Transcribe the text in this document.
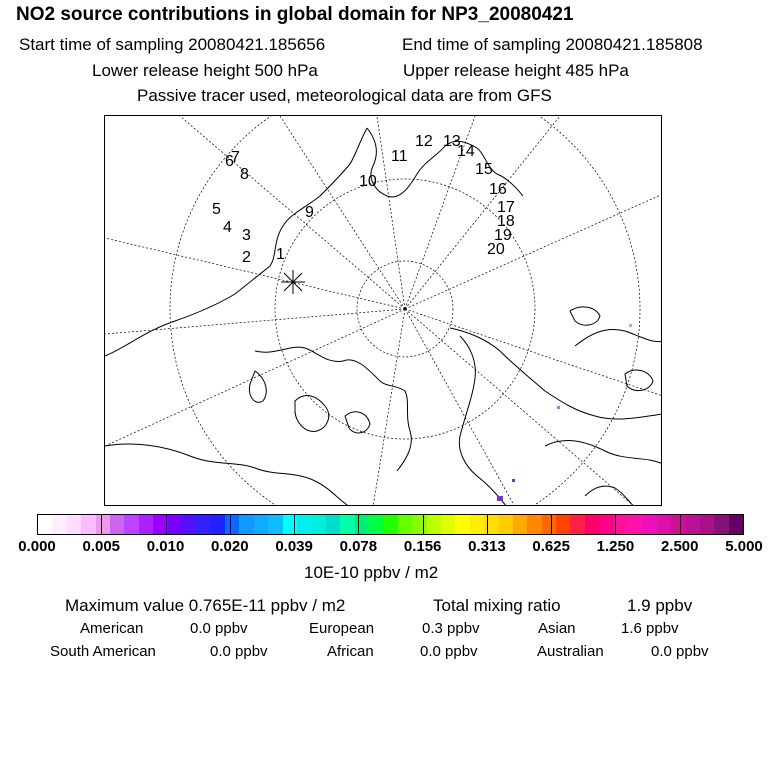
NO2 source contributions in global domain for NP3_20080421
Start time of sampling 20080421.185656	End time of sampling 20080421.185808
Lower release height 500 hPa	Upper release height 485 hPa
Passive tracer used, meteorological data are from GFS
1
2
3
4
5
6
7
8
9
10
11
12 13
14
15
16
17
18
19
20
0.000 0.005 0.010 0.020 0.039 0.078 0.156 0.313 0.625 1.250 2.500 5.000
10E-10 ppbv / m2
Maximum value 0.765E-11 ppbv / m2	Total mixing ratio	1.9 ppbv
American	0.0 ppbv	European	0.3 ppbv	Asian	1.6 ppbv
South American	0.0 ppbv	African	0.0 ppbv	Australian	0.0 ppbv
